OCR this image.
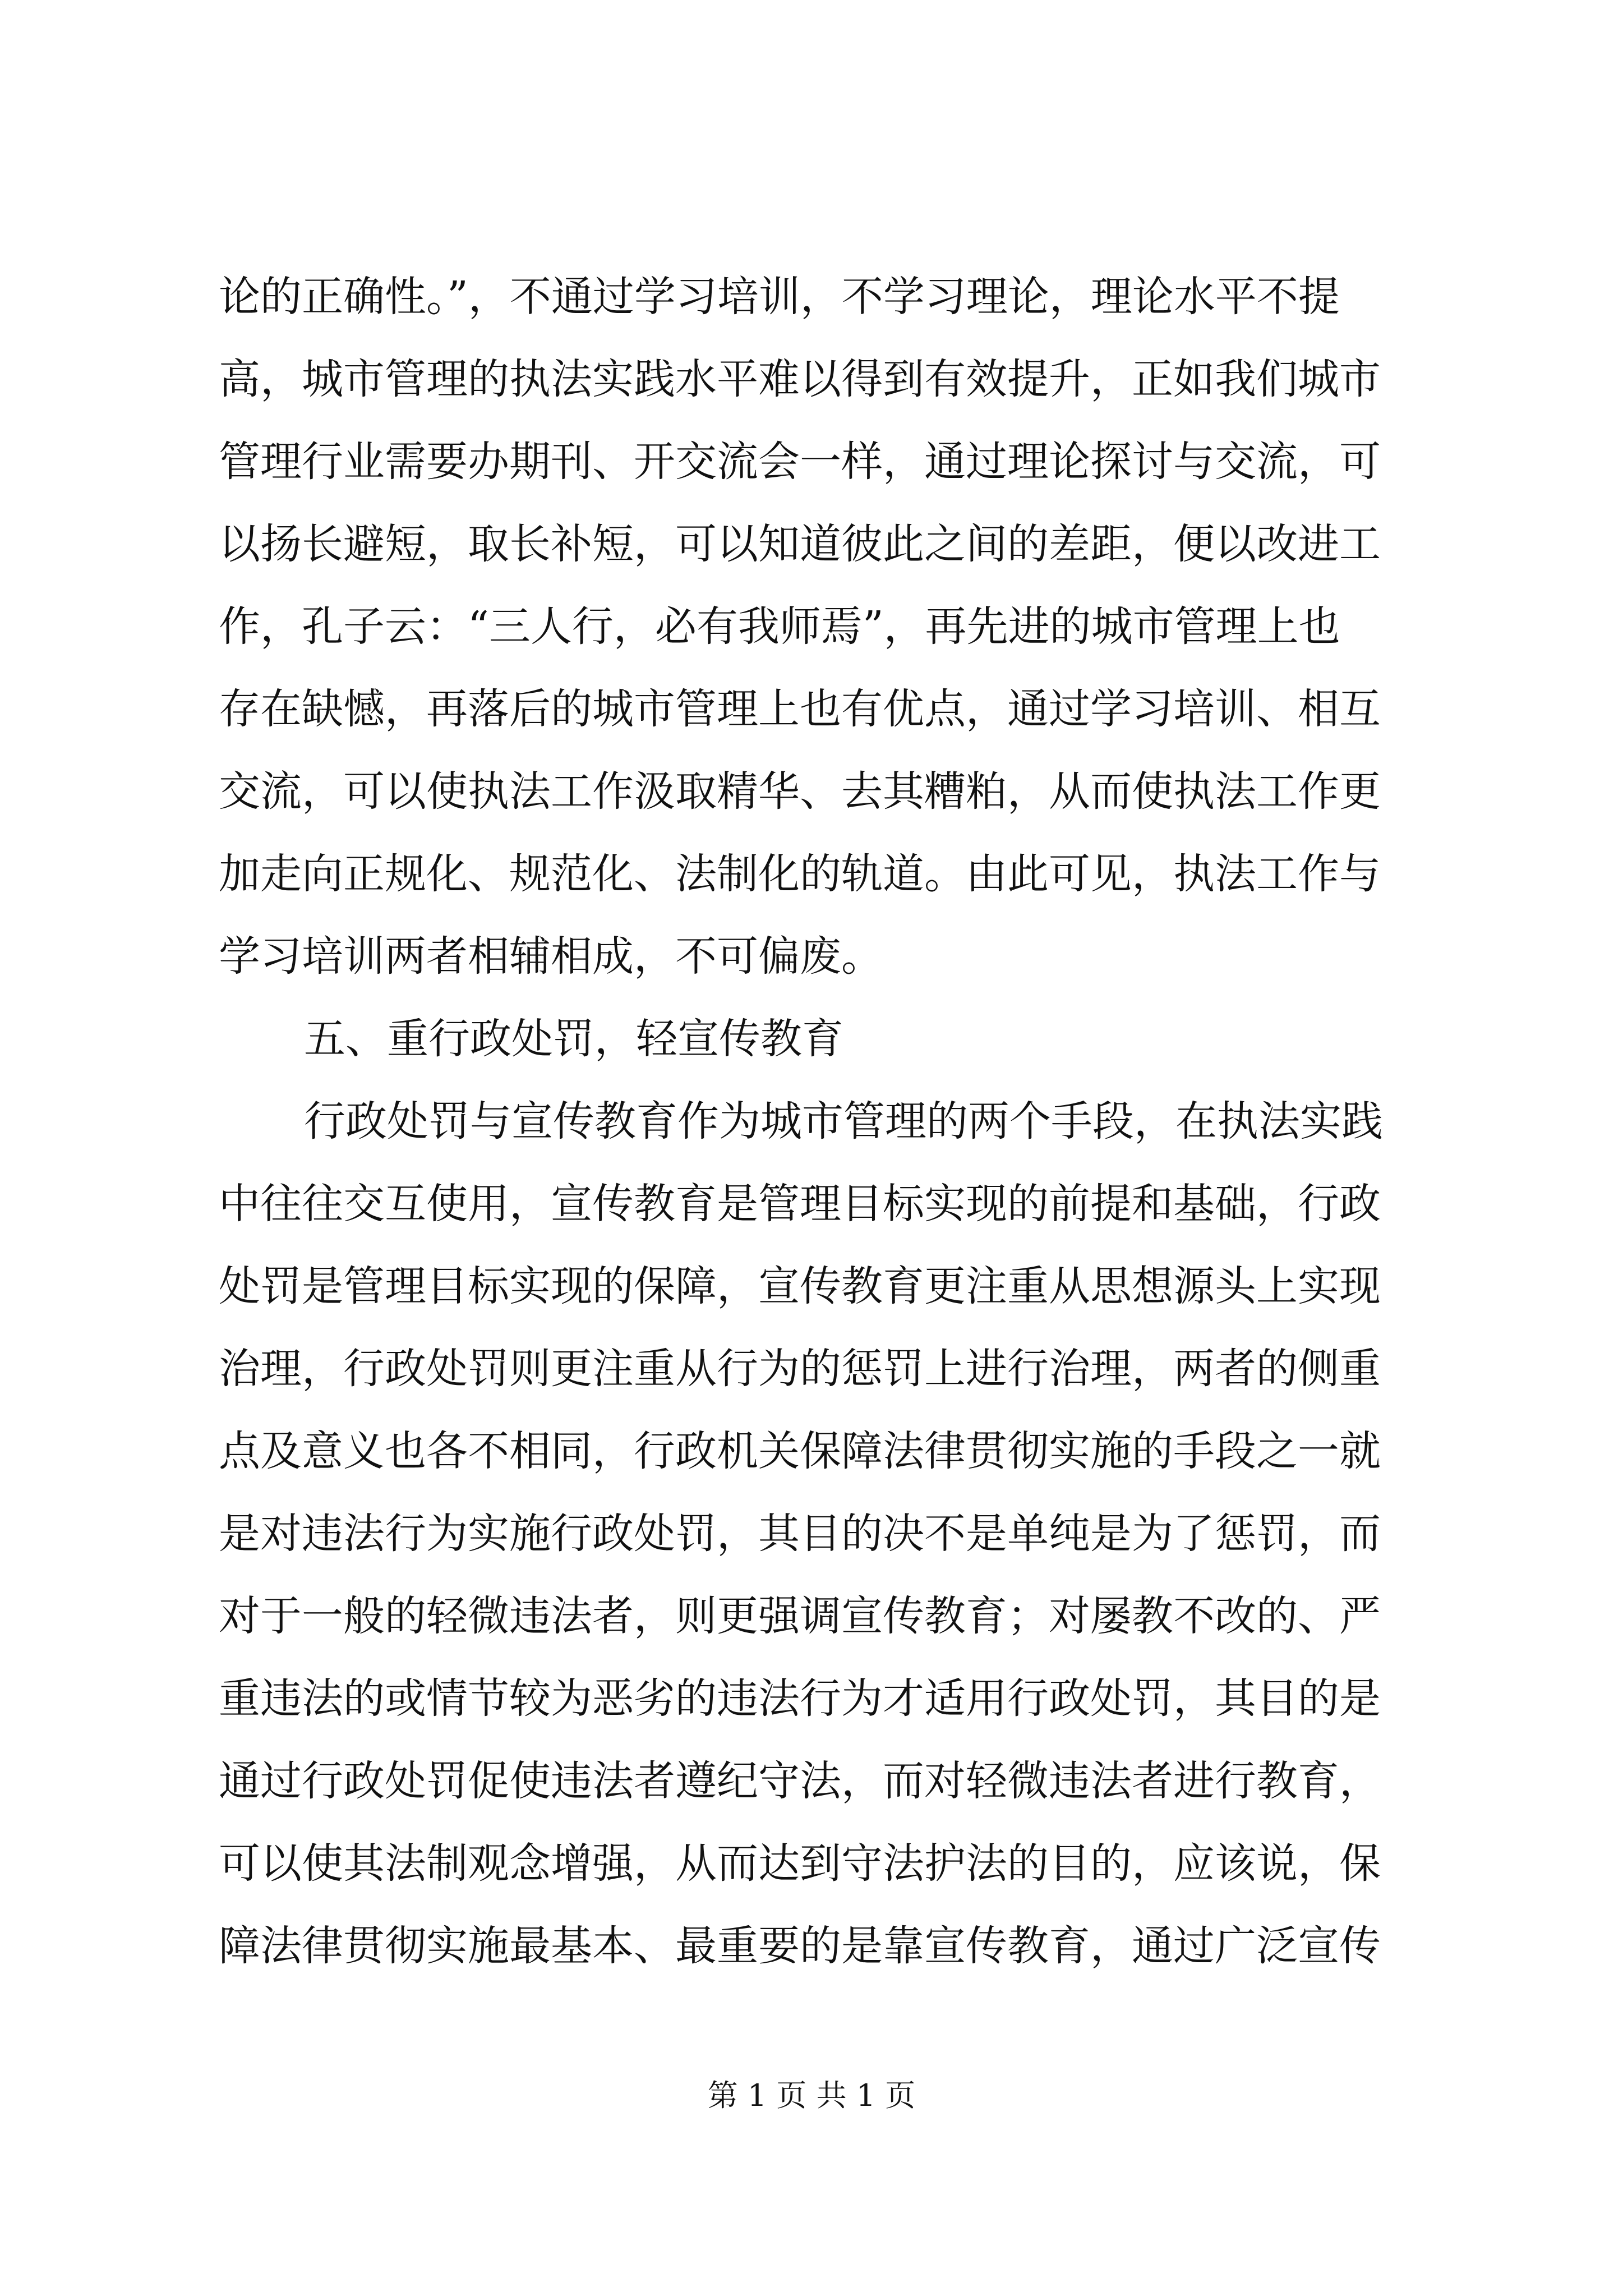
论的正确性。”，不通过学习培训，不学习理论，理论水平不提
高，城市管理的执法实践水平难以得到有效提升，正如我们城市
管理行业需要办期刊、开交流会一样，通过理论探讨与交流，可
以扬长避短，取长补短，可以知道彼此之间的差距，便以改进工
作，孔子云：“三人行，必有我师焉”，再先进的城市管理上也
存在缺憾，再落后的城市管理上也有优点，通过学习培训、相互
交流，可以使执法工作汲取精华、去其糟粕，从而使执法工作更
加走向正规化、规范化、法制化的轨道。由此可见，执法工作与
学习培训两者相辅相成，不可偏废。
五、重行政处罚，轻宣传教育
行政处罚与宣传教育作为城市管理的两个手段，在执法实践
中往往交互使用，宣传教育是管理目标实现的前提和基础，行政
处罚是管理目标实现的保障，宣传教育更注重从思想源头上实现
治理，行政处罚则更注重从行为的惩罚上进行治理，两者的侧重
点及意义也各不相同，行政机关保障法律贯彻实施的手段之一就
是对违法行为实施行政处罚，其目的决不是单纯是为了惩罚，而
对于一般的轻微违法者，则更强调宣传教育；对屡教不改的、严
重违法的或情节较为恶劣的违法行为才适用行政处罚，其目的是
通过行政处罚促使违法者遵纪守法，而对轻微违法者进行教育，
可以使其法制观念增强，从而达到守法护法的目的，应该说，保
障法律贯彻实施最基本、最重要的是靠宣传教育，通过广泛宣传
第 1 页 共 1 页
